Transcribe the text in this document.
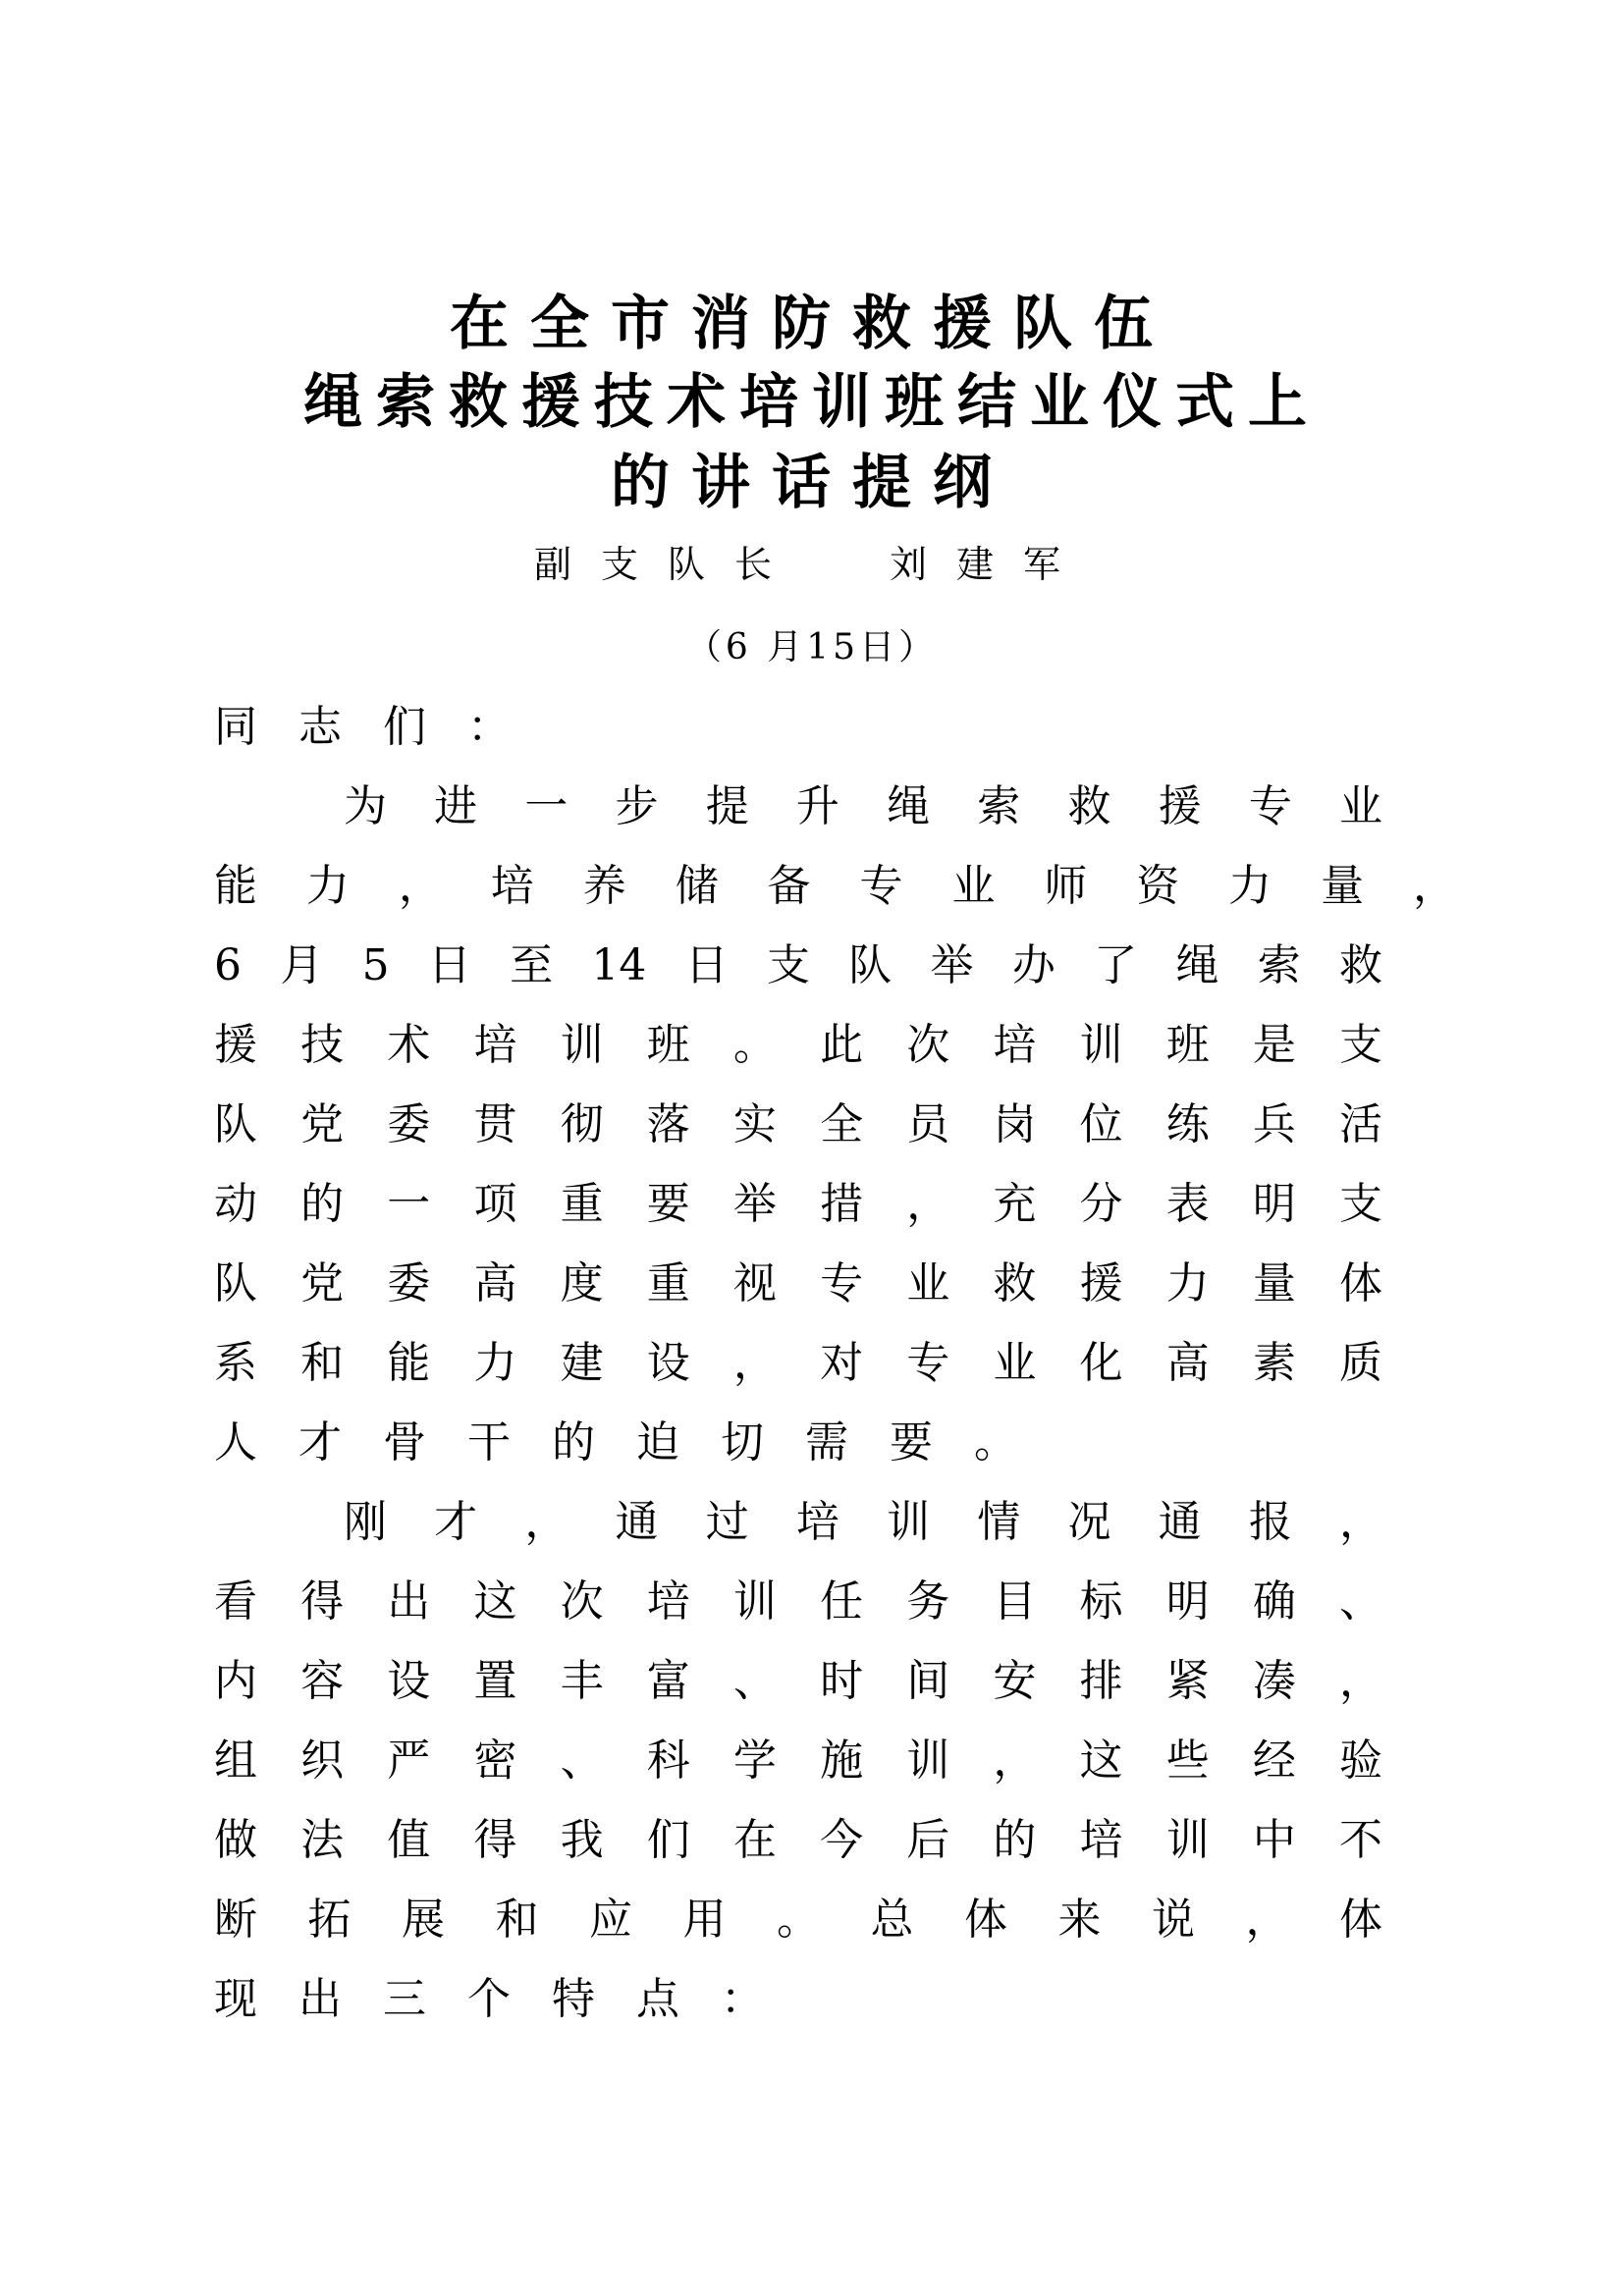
在全市消防救援队伍
绳索救援技术培训班结业仪式上
的讲话提纲
副支队长 刘建军
（6 月15日）
同志们：
为进一步提升绳索救援专业
能力，培养储备专业师资力量，
6月5日至14日支队举办了绳索救
援技术培训班。此次培训班是支
队党委贯彻落实全员岗位练兵活
动的一项重要举措，充分表明支
队党委高度重视专业救援力量体
系和能力建设，对专业化高素质
人才骨干的迫切需要。
刚才，通过培训情况通报，
看得出这次培训任务目标明确、
内容设置丰富、时间安排紧凑，
组织严密、科学施训，这些经验
做法值得我们在今后的培训中不
断拓展和应用。总体来说，体
现出三个特点：
